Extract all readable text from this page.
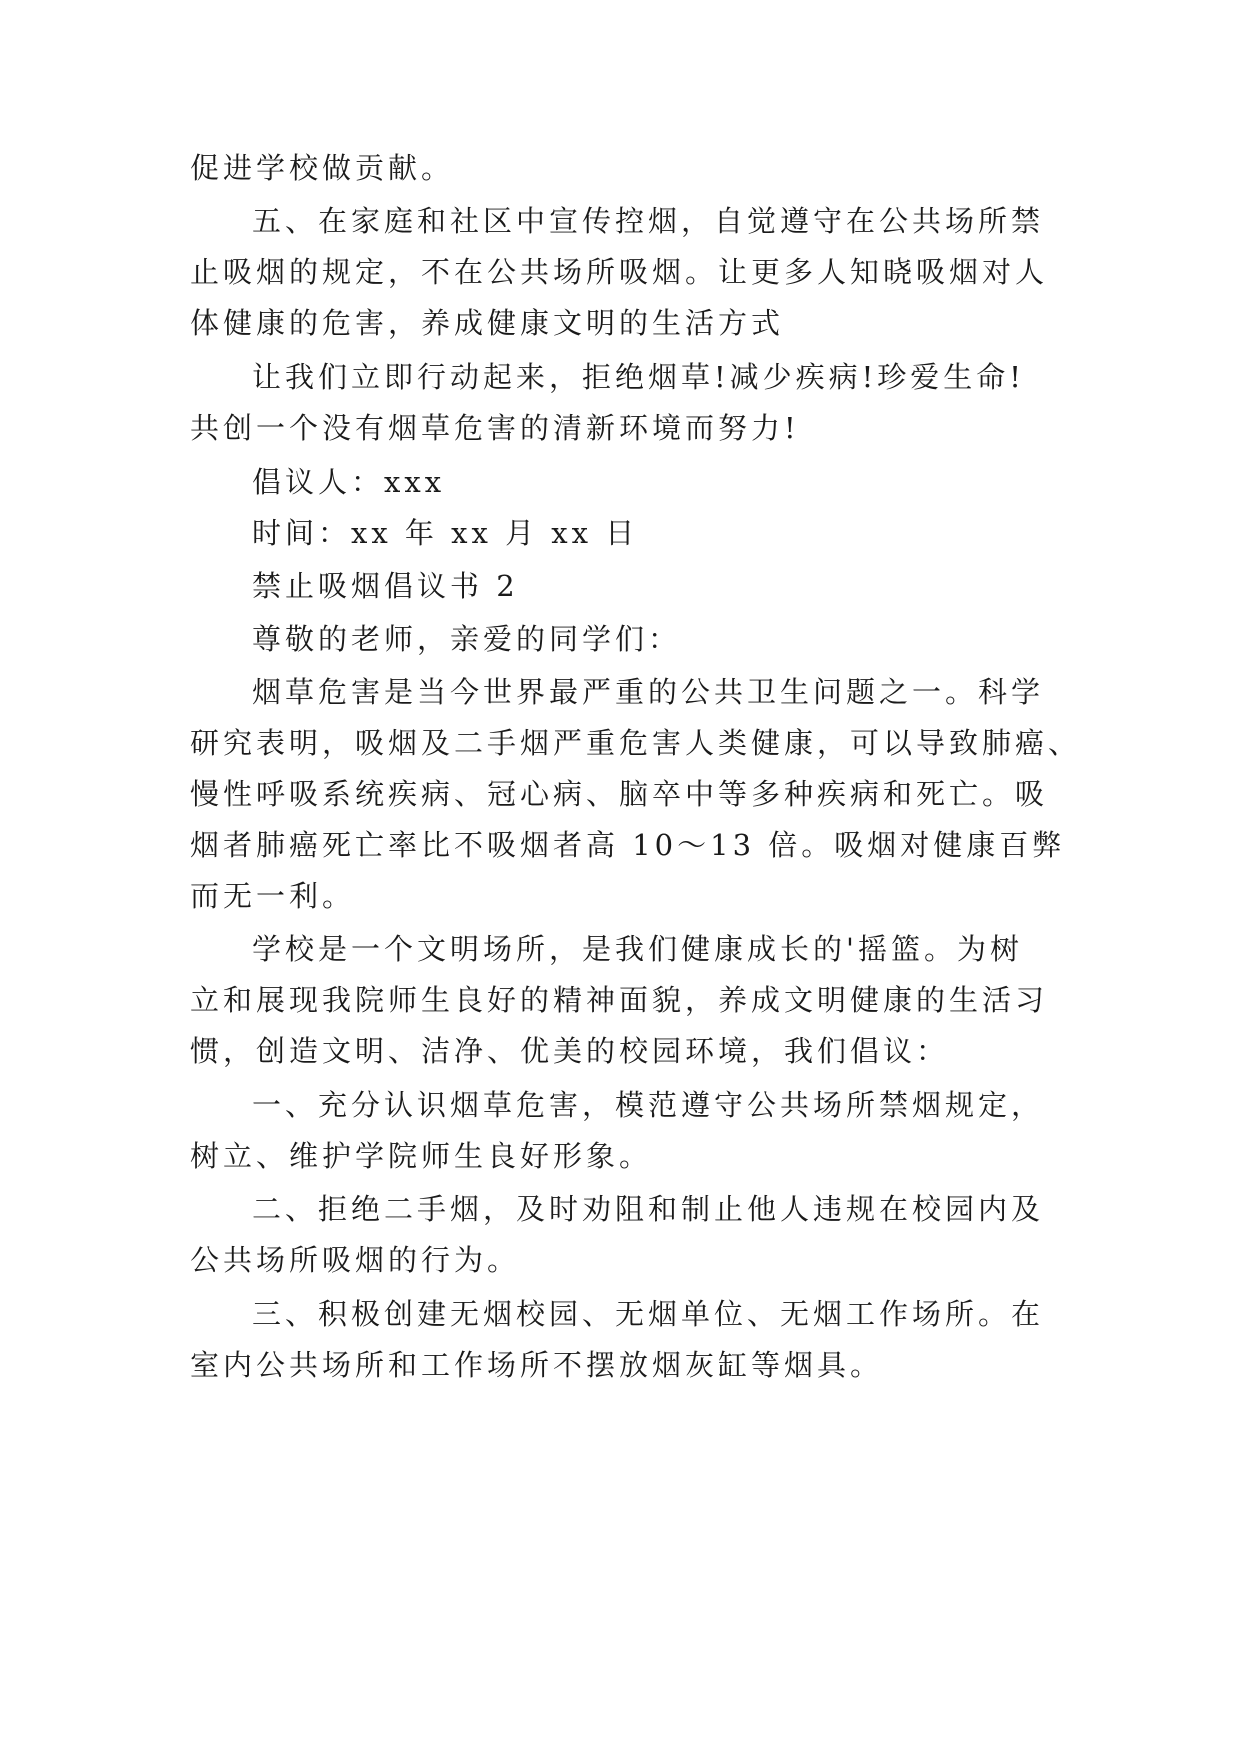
促进学校做贡献。
五、在家庭和社区中宣传控烟，自觉遵守在公共场所禁
止吸烟的规定，不在公共场所吸烟。让更多人知晓吸烟对人
体健康的危害，养成健康文明的生活方式
让我们立即行动起来，拒绝烟草!减少疾病!珍爱生命!
共创一个没有烟草危害的清新环境而努力!
倡议人：xxx
时间：xx 年 xx 月 xx 日
禁止吸烟倡议书 2
尊敬的老师，亲爱的同学们：
烟草危害是当今世界最严重的公共卫生问题之一。科学
研究表明，吸烟及二手烟严重危害人类健康，可以导致肺癌、
慢性呼吸系统疾病、冠心病、脑卒中等多种疾病和死亡。吸
烟者肺癌死亡率比不吸烟者高 10～13 倍。吸烟对健康百弊
而无一利。
学校是一个文明场所，是我们健康成长的'摇篮。为树
立和展现我院师生良好的精神面貌，养成文明健康的生活习
惯，创造文明、洁净、优美的校园环境，我们倡议：
一、充分认识烟草危害，模范遵守公共场所禁烟规定，
树立、维护学院师生良好形象。
二、拒绝二手烟，及时劝阻和制止他人违规在校园内及
公共场所吸烟的行为。
三、积极创建无烟校园、无烟单位、无烟工作场所。在
室内公共场所和工作场所不摆放烟灰缸等烟具。
